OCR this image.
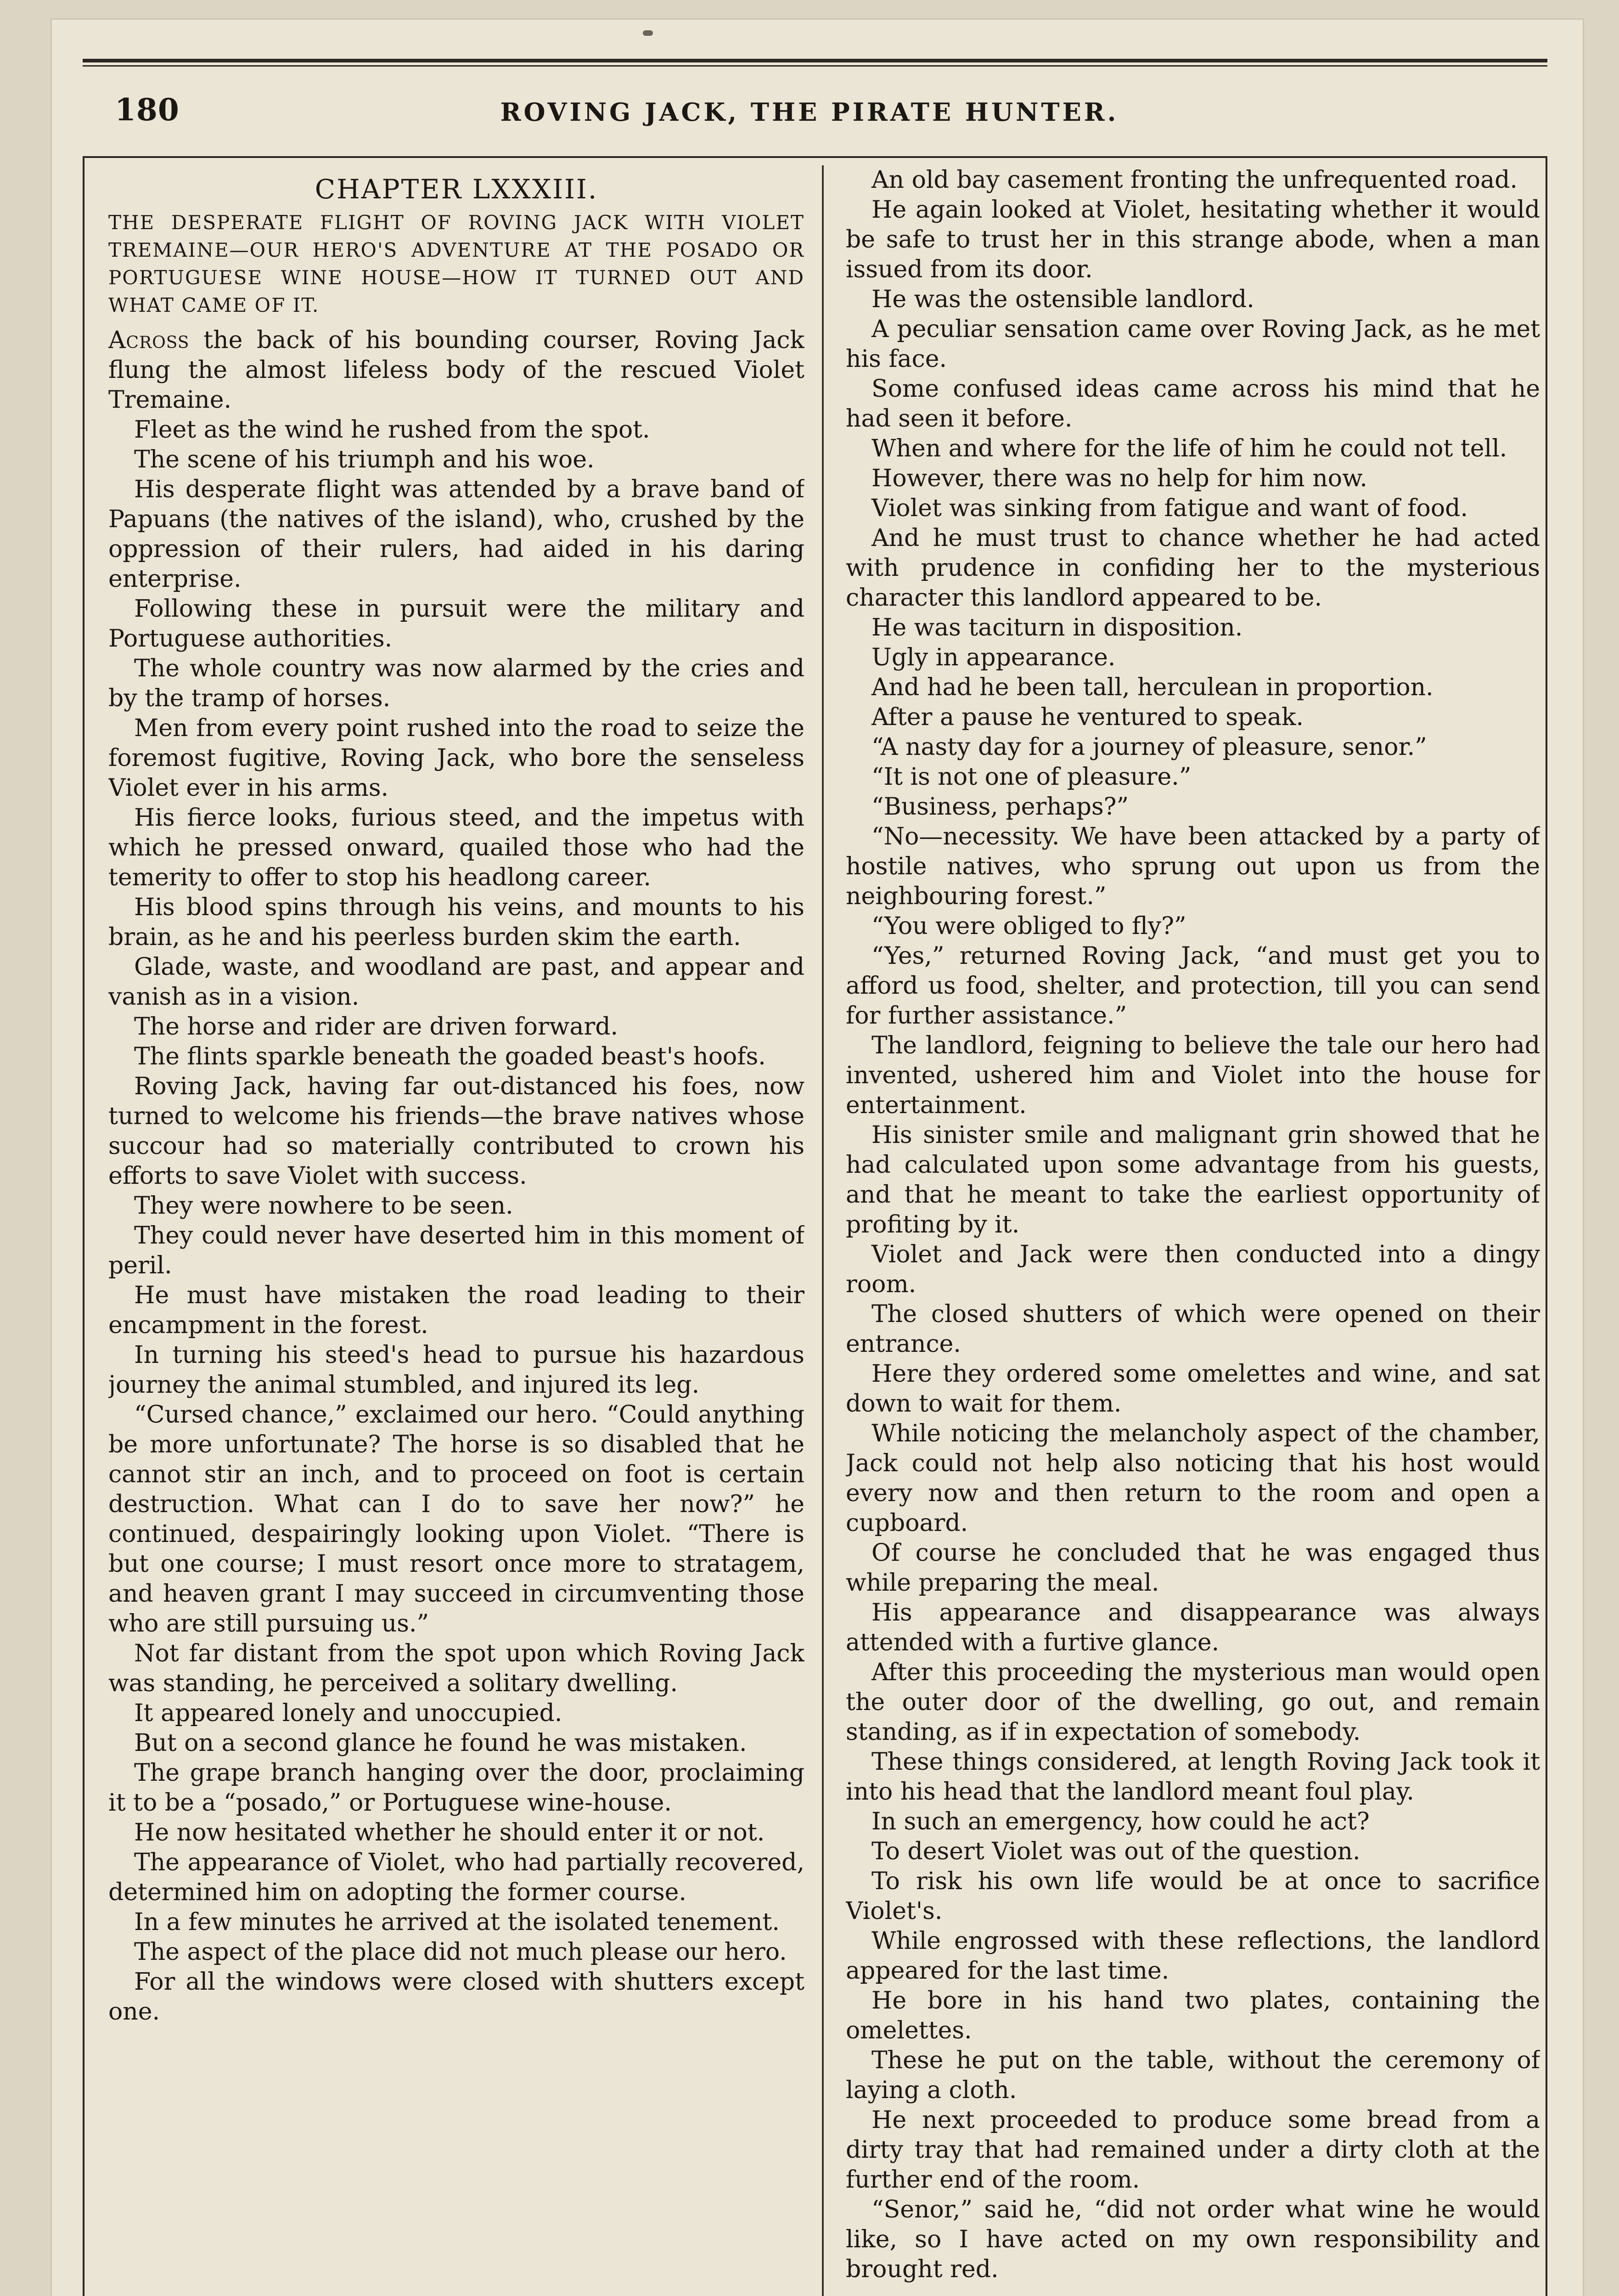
180	ROVING JACK, THE PIRATE HUNTER.
CHAPTER LXXXIII.
THE DESPERATE FLIGHT OF ROVING JACK WITH VIOLET TREMAINE—OUR HERO'S ADVENTURE AT THE POSADO OR PORTUGUESE WINE HOUSE—HOW IT TURNED OUT AND WHAT CAME OF IT.

Across the back of his bounding courser, Roving Jack flung the almost lifeless body of the rescued Violet Tremaine.

Fleet as the wind he rushed from the spot.

The scene of his triumph and his woe.

His desperate flight was attended by a brave band of Papuans (the natives of the island), who, crushed by the oppression of their rulers, had aided in his daring enterprise.

Following these in pursuit were the military and Portuguese authorities.

The whole country was now alarmed by the cries and by the tramp of horses.

Men from every point rushed into the road to seize the foremost fugitive, Roving Jack, who bore the senseless Violet ever in his arms.

His fierce looks, furious steed, and the impetus with which he pressed onward, quailed those who had the temerity to offer to stop his headlong career.

His blood spins through his veins, and mounts to his brain, as he and his peerless burden skim the earth.

Glade, waste, and woodland are past, and appear and vanish as in a vision.

The horse and rider are driven forward.

The flints sparkle beneath the goaded beast's hoofs.

Roving Jack, having far out-distanced his foes, now turned to welcome his friends—the brave natives whose succour had so materially contributed to crown his efforts to save Violet with success.

They were nowhere to be seen.

They could never have deserted him in this moment of peril.

He must have mistaken the road leading to their encampment in the forest.

In turning his steed's head to pursue his hazardous journey the animal stumbled, and injured its leg.

“Cursed chance,” exclaimed our hero. “Could anything be more unfortunate? The horse is so disabled that he cannot stir an inch, and to proceed on foot is certain destruction. What can I do to save her now?” he continued, despairingly looking upon Violet. “There is but one course; I must resort once more to stratagem, and heaven grant I may succeed in circumventing those who are still pursuing us.”

Not far distant from the spot upon which Roving Jack was standing, he perceived a solitary dwelling.

It appeared lonely and unoccupied.

But on a second glance he found he was mistaken.

The grape branch hanging over the door, proclaiming it to be a “posado,” or Portuguese wine-house.

He now hesitated whether he should enter it or not.

The appearance of Violet, who had partially recovered, determined him on adopting the former course.

In a few minutes he arrived at the isolated tenement.

The aspect of the place did not much please our hero.

For all the windows were closed with shutters except one.

An old bay casement fronting the unfrequented road.

He again looked at Violet, hesitating whether it would be safe to trust her in this strange abode, when a man issued from its door.

He was the ostensible landlord.

A peculiar sensation came over Roving Jack, as he met his face.

Some confused ideas came across his mind that he had seen it before.

When and where for the life of him he could not tell.

However, there was no help for him now.

Violet was sinking from fatigue and want of food.

And he must trust to chance whether he had acted with prudence in confiding her to the mysterious character this landlord appeared to be.

He was taciturn in disposition.

Ugly in appearance.

And had he been tall, herculean in proportion.

After a pause he ventured to speak.

“A nasty day for a journey of pleasure, senor.”

“It is not one of pleasure.”

“Business, perhaps?”

“No—necessity. We have been attacked by a party of hostile natives, who sprung out upon us from the neighbouring forest.”

“You were obliged to fly?”

“Yes,” returned Roving Jack, “and must get you to afford us food, shelter, and protection, till you can send for further assistance.”

The landlord, feigning to believe the tale our hero had invented, ushered him and Violet into the house for entertainment.

His sinister smile and malignant grin showed that he had calculated upon some advantage from his guests, and that he meant to take the earliest opportunity of profiting by it.

Violet and Jack were then conducted into a dingy room.

The closed shutters of which were opened on their entrance.

Here they ordered some omelettes and wine, and sat down to wait for them.

While noticing the melancholy aspect of the chamber, Jack could not help also noticing that his host would every now and then return to the room and open a cupboard.

Of course he concluded that he was engaged thus while preparing the meal.

His appearance and disappearance was always attended with a furtive glance.

After this proceeding the mysterious man would open the outer door of the dwelling, go out, and remain standing, as if in expectation of somebody.

These things considered, at length Roving Jack took it into his head that the landlord meant foul play.

In such an emergency, how could he act?

To desert Violet was out of the question.

To risk his own life would be at once to sacrifice Violet's.

While engrossed with these reflections, the landlord appeared for the last time.

He bore in his hand two plates, containing the omelettes.

These he put on the table, without the ceremony of laying a cloth.

He next proceeded to produce some bread from a dirty tray that had remained under a dirty cloth at the further end of the room.

“Senor,” said he, “did not order what wine he would like, so I have acted on my own responsibility and brought red.
